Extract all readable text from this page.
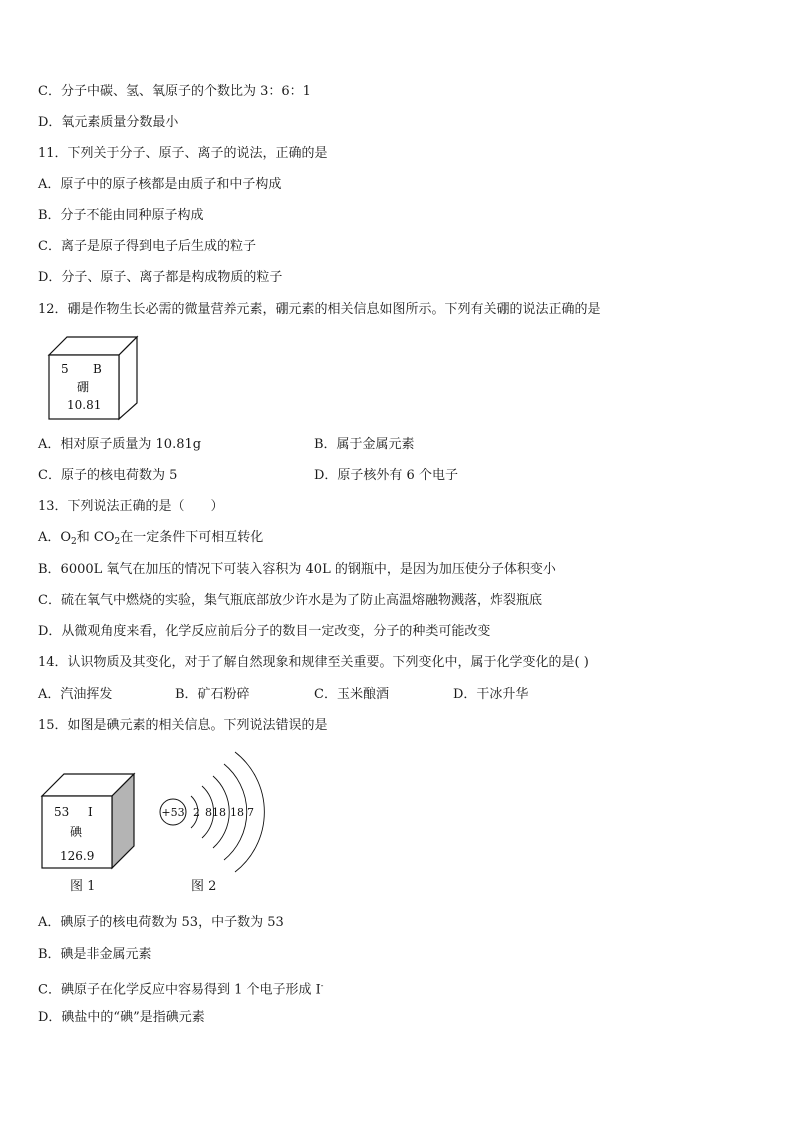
C．分子中碳、氢、氧原子的个数比为 3：6：1
D．氧元素质量分数最小
11．下列关于分子、原子、离子的说法，正确的是
A．原子中的原子核都是由质子和中子构成
B．分子不能由同种原子构成
C．离子是原子得到电子后生成的粒子
D．分子、原子、离子都是构成物质的粒子
12．硼是作物生长必需的微量营养元素，硼元素的相关信息如图所示。下列有关硼的说法正确的是
5 B
硼
10.81
A．相对原子质量为 10.81g	B．属于金属元素
C．原子的核电荷数为 5	D．原子核外有 6 个电子
13．下列说法正确的是（　　）
A．$O_2$和 $CO_2$在一定条件下可相互转化
B．6000L 氧气在加压的情况下可装入容积为 40L 的钢瓶中，是因为加压使分子体积变小
C．硫在氧气中燃烧的实验，集气瓶底部放少许水是为了防止高温熔融物溅落，炸裂瓶底
D．从微观角度来看，化学反应前后分子的数目一定改变，分子的种类可能改变
14．认识物质及其变化，对于了解自然现象和规律至关重要。下列变化中，属于化学变化的是( )
A．汽油挥发	B．矿石粉碎	C．玉米酿酒	D．干冰升华
15．如图是碘元素的相关信息。下列说法错误的是
53 I
碘
126.9
+53 2 8 18 18 7
图 1	图 2
A．碘原子的核电荷数为 53，中子数为 53
B．碘是非金属元素
C．碘原子在化学反应中容易得到 1 个电子形成 I-
D．碘盐中的“碘”是指碘元素
